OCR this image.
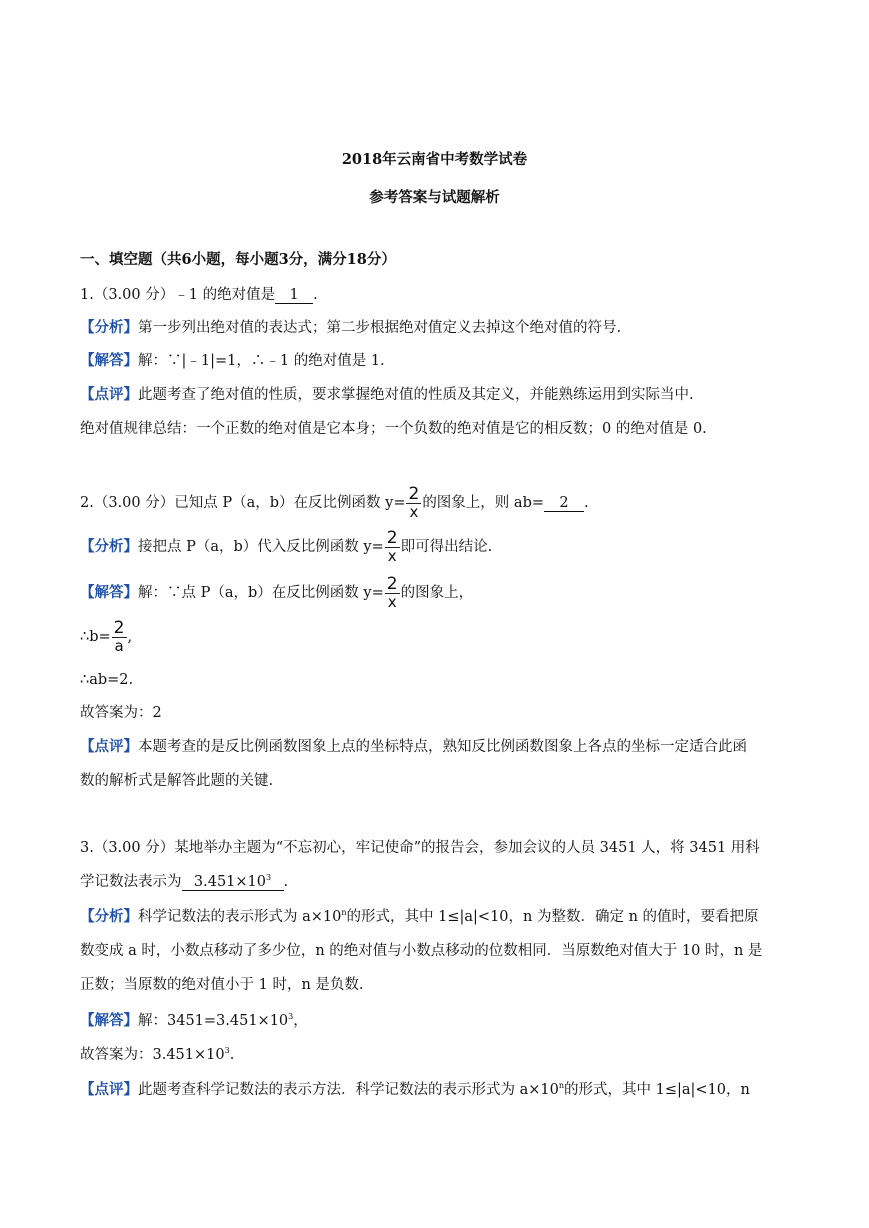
2018年云南省中考数学试卷
参考答案与试题解析
一、填空题（共6小题，每小题3分，满分18分）
1.（3.00 分）﹣1 的绝对值是 1 .
【分析】第一步列出绝对值的表达式；第二步根据绝对值定义去掉这个绝对值的符号.
【解答】解：∵|﹣1|=1，∴﹣1 的绝对值是 1.
【点评】此题考查了绝对值的性质，要求掌握绝对值的性质及其定义，并能熟练运用到实际当中.
绝对值规律总结：一个正数的绝对值是它本身；一个负数的绝对值是它的相反数；0 的绝对值是 0.
2.（3.00 分）已知点 P（a，b）在反比例函数 $y= \frac{2}{x}$ 的图象上，则 ab= 2 .
【分析】接把点 P（a，b）代入反比例函数 $y= \frac{2}{x}$ 即可得出结论.
【解答】解：∵点 P（a，b）在反比例函数 $y= \frac{2}{x}$ 的图象上，
∴b= $\frac{2}{a}$ ,
∴ab=2.
故答案为：2
【点评】本题考查的是反比例函数图象上点的坐标特点，熟知反比例函数图象上各点的坐标一定适合此函
数的解析式是解答此题的关键.
3.（3.00 分）某地举办主题为“不忘初心，牢记使命”的报告会，参加会议的人员 3451 人，将 3451 用科
学记数法表示为 $3.451\times 10^3$ .
【分析】科学记数法的表示形式为 $a\times 10^n$的形式，其中 1≤|a|<10，n 为整数．确定 n 的值时，要看把原
数变成 a 时，小数点移动了多少位，n 的绝对值与小数点移动的位数相同．当原数绝对值大于 10 时，n 是
正数；当原数的绝对值小于 1 时，n 是负数.
【解答】解：$3451=3.451\times 10^3$，
故答案为：$3.451\times 10^3$.
【点评】此题考查科学记数法的表示方法．科学记数法的表示形式为 $a\times 10^n$的形式，其中 1≤|a|<10，n
